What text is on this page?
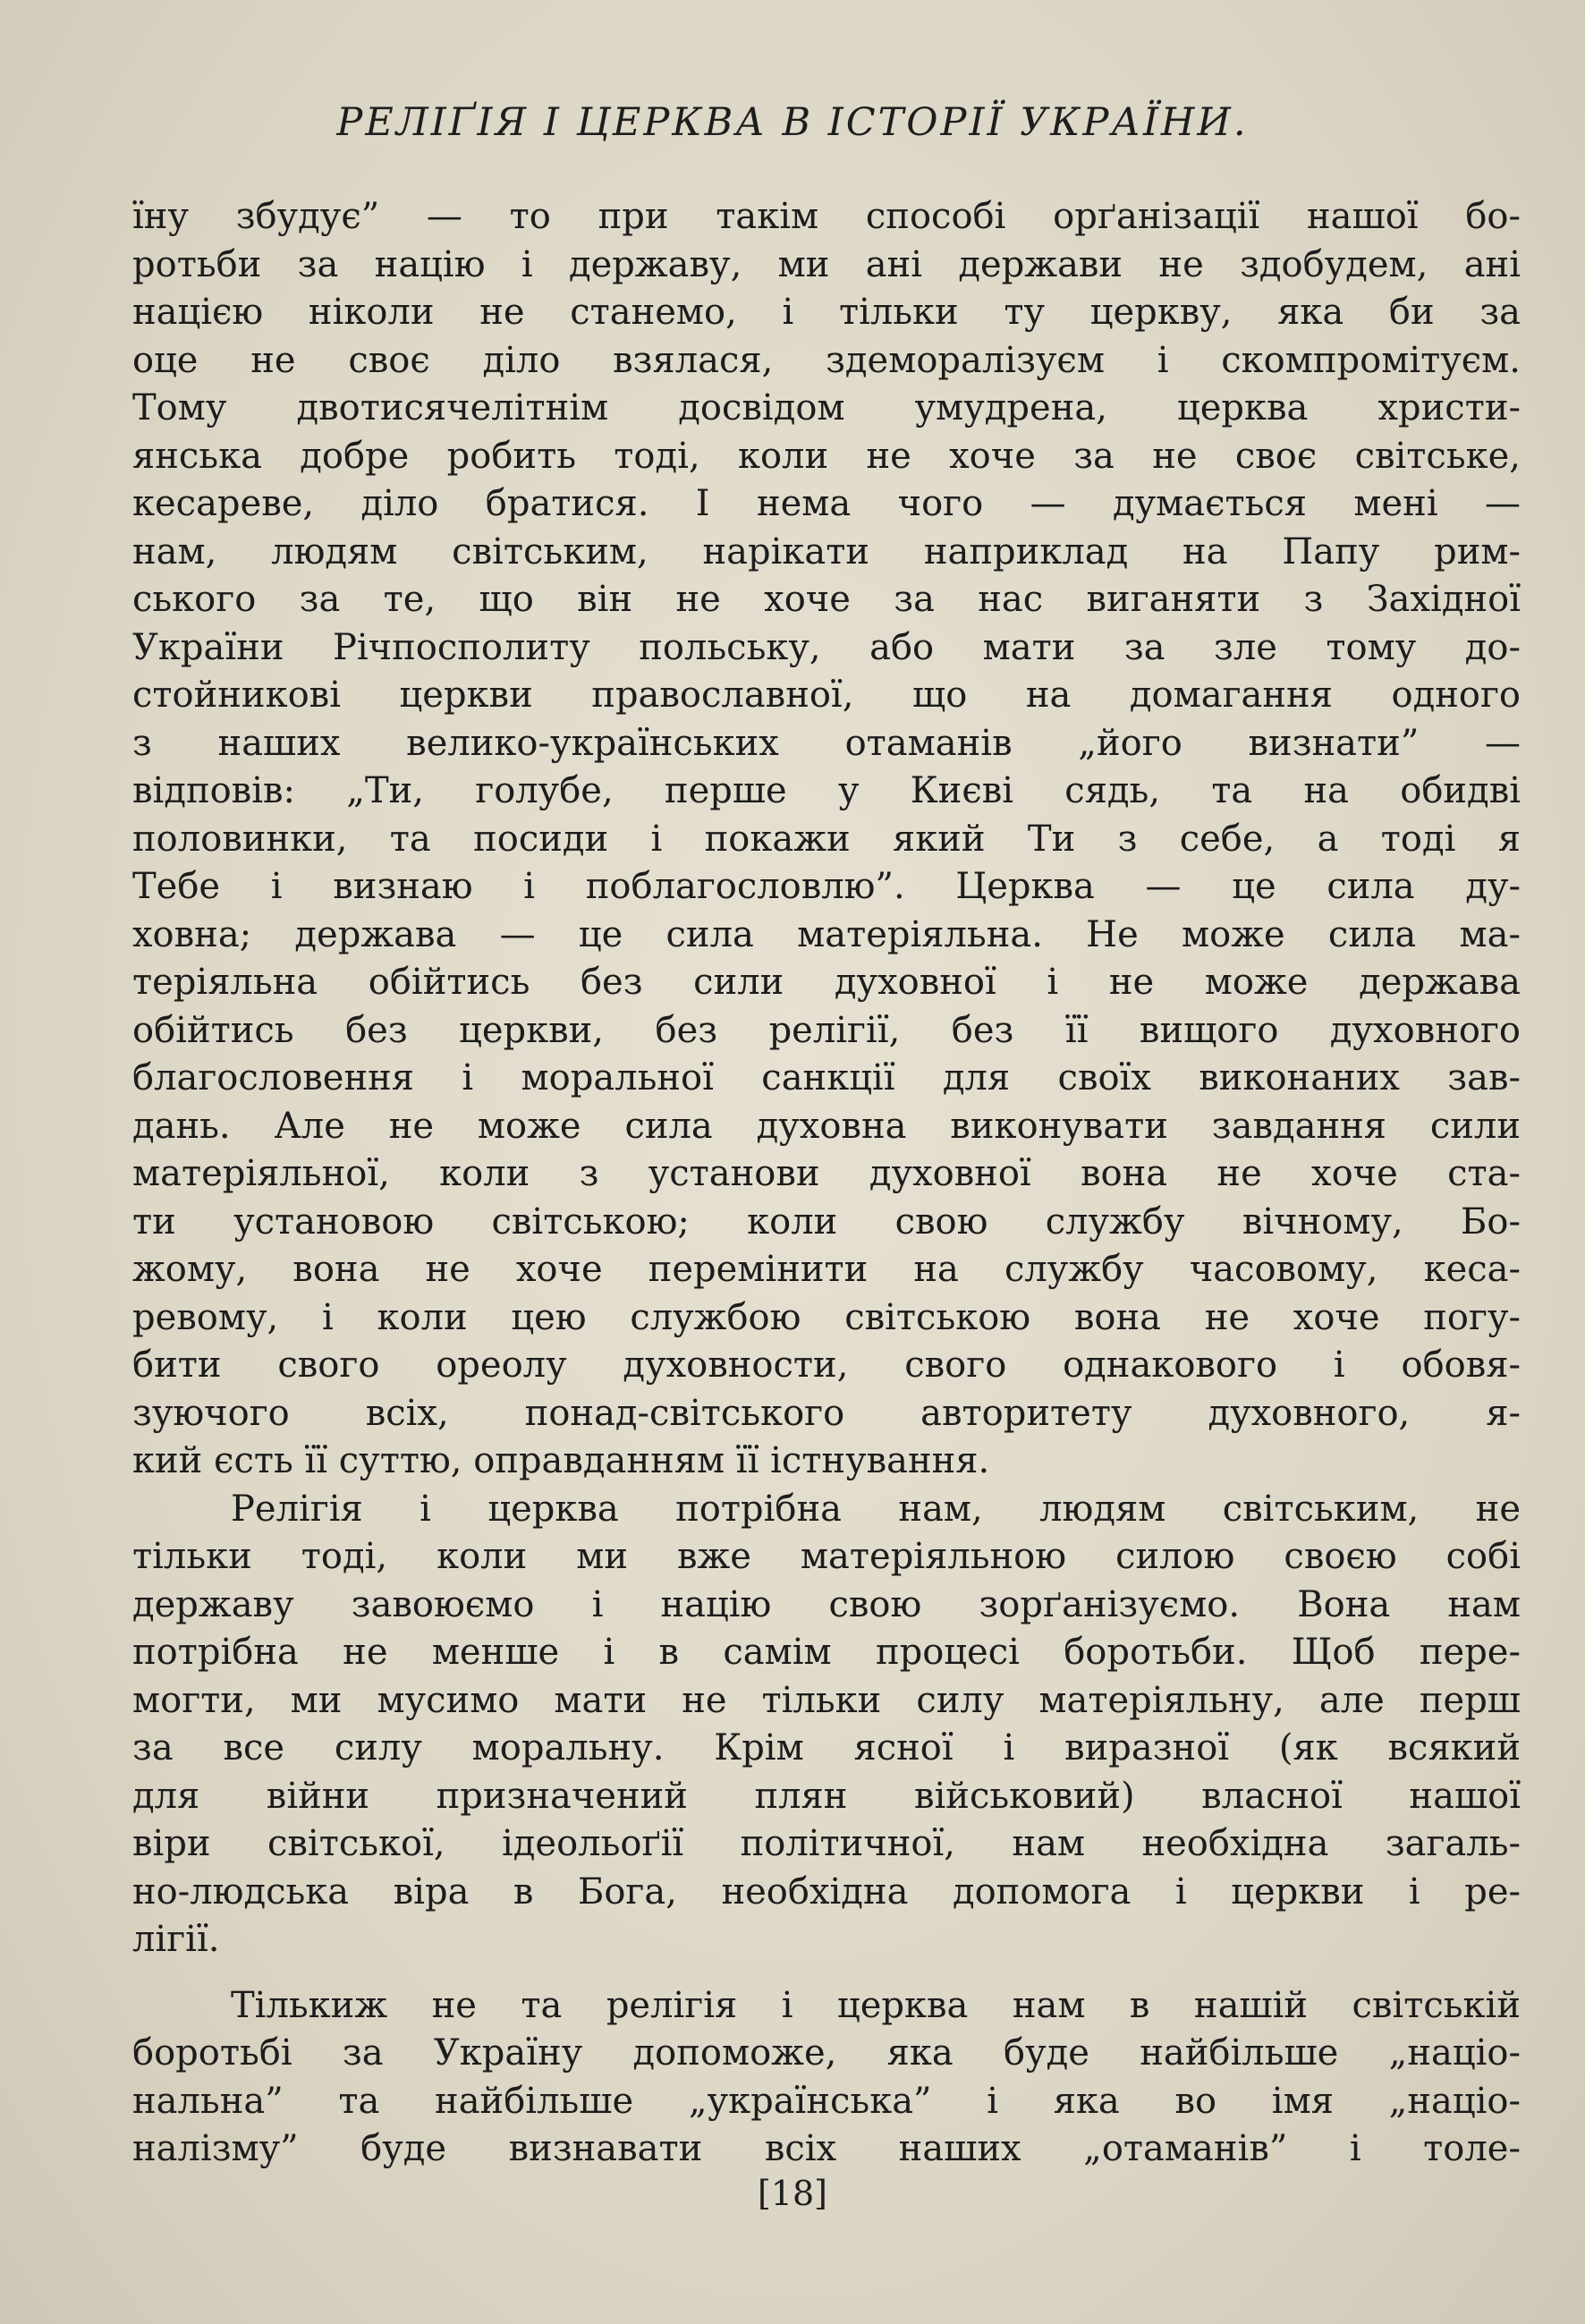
РЕЛІҐІЯ І ЦЕРКВА В ІСТОРІЇ УКРАЇНИ.
їну збудує” — то при такім способі орґанізації нашої бо-
ротьби за націю і державу, ми ані держави не здобудем, ані
нацією ніколи не станемо, і тільки ту церкву, яка би за
оце не своє діло взялася, здеморалізуєм і скомпромітуєм.
Тому двотисячелітнім досвідом умудрена, церква христи-
янська добре робить тоді, коли не хоче за не своє світське,
кесареве, діло братися. І нема чого — думається мені —
нам, людям світським, нарікати наприклад на Папу рим-
ського за те, що він не хоче за нас виганяти з Західної
України Річпосполиту польську, або мати за зле тому до-
стойникові церкви православної, що на домагання одного
з наших велико-українських отаманів „його визнати” —
відповів: „Ти, голубе, перше у Києві сядь, та на обидві
половинки, та посиди і покажи який Ти з себе, а тоді я
Тебе і визнаю і поблагословлю”. Церква — це сила ду-
ховна; держава — це сила матеріяльна. Не може сила ма-
теріяльна обійтись без сили духовної і не може держава
обійтись без церкви, без релігії, без її вищого духовного
благословення і моральної санкції для своїх виконаних зав-
дань. Але не може сила духовна виконувати завдання сили
матеріяльної, коли з установи духовної вона не хоче ста-
ти установою світською; коли свою службу вічному, Бо-
жому, вона не хоче перемінити на службу часовому, кеса-
ревому, і коли цею службою світською вона не хоче погу-
бити свого ореолу духовности, свого однакового і обовя-
зуючого всіх, понад-світського авторитету духовного, я-
кий єсть її суттю, оправданням її істнування.
Релігія і церква потрібна нам, людям світським, не
тільки тоді, коли ми вже матеріяльною силою своєю собі
державу завоюємо і націю свою зорґанізуємо. Вона нам
потрібна не менше і в самім процесі боротьби. Щоб пере-
могти, ми мусимо мати не тільки силу матеріяльну, але перш
за все силу моральну. Крім ясної і виразної (як всякий
для війни призначений плян військовий) власної нашої
віри світської, ідеольоґії політичної, нам необхідна загаль-
но-людська віра в Бога, необхідна допомога і церкви і ре-
лігії.
Тількиж не та релігія і церква нам в нашій світській
боротьбі за Україну допоможе, яка буде найбільше „націо-
нальна” та найбільше „українська” і яка во імя „націо-
налізму” буде визнавати всіх наших „отаманів” і толе-
[18]
